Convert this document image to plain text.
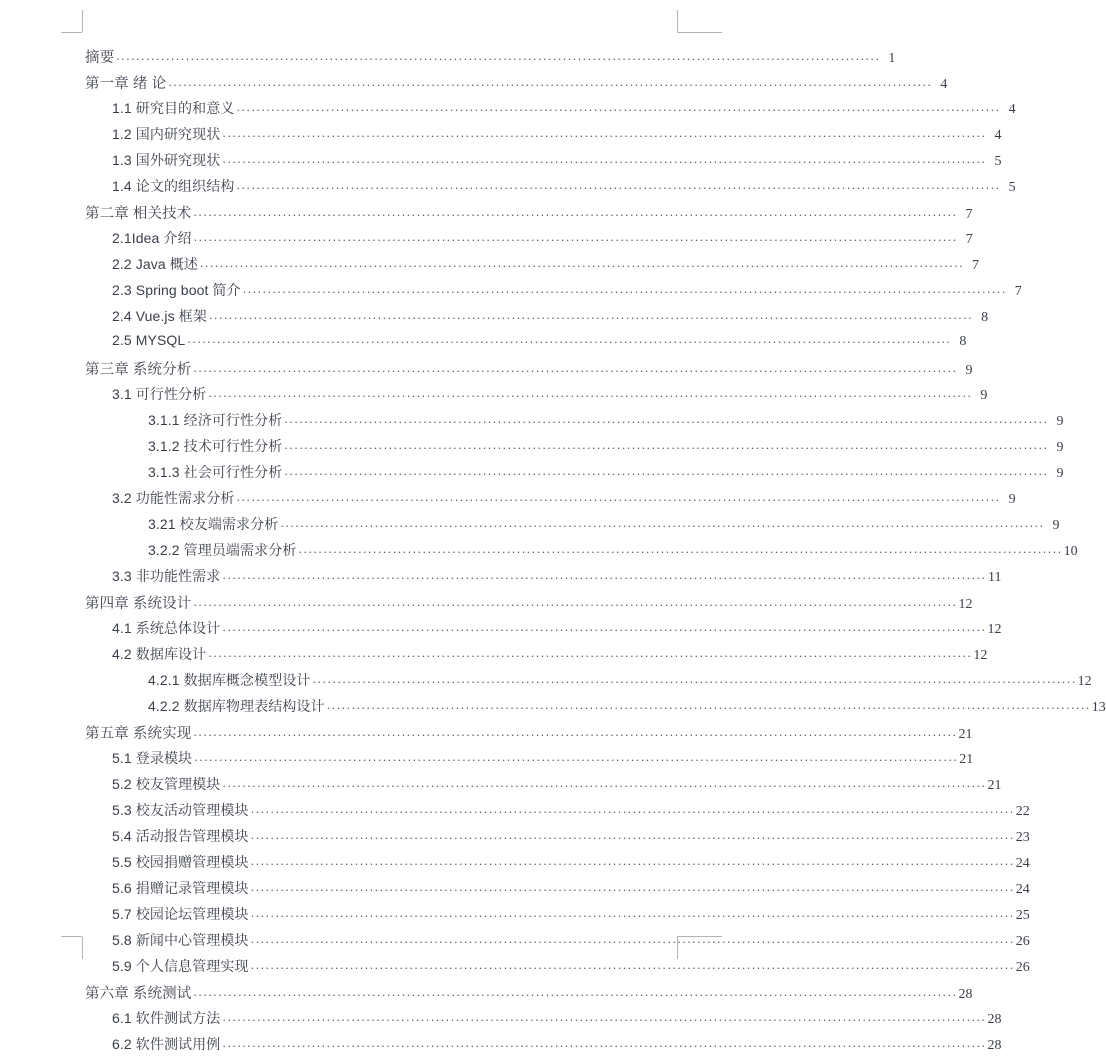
摘要 .....	1
第一章 绪 论 .....	4
1.1 研究目的和意义 .....	4
1.2 国内研究现状 .....	4
1.3 国外研究现状 .....	5
1.4 论文的组织结构 .....	5
第二章 相关技术 .....	7
2.1Idea 介绍 .....	7
2.2 Java 概述 .....	7
2.3 Spring boot 简介 .....	7
2.4 Vue.js 框架 .....	8
2.5 MYSQL .....	8
第三章 系统分析 .....	9
3.1 可行性分析 .....	9
3.1.1 经济可行性分析 .....	9
3.1.2 技术可行性分析 .....	9
3.1.3 社会可行性分析 .....	9
3.2 功能性需求分析 .....	9
3.21 校友端需求分析 .....	9
3.2.2 管理员端需求分析 .....	10
3.3 非功能性需求 .....	11
第四章 系统设计 .....	12
4.1 系统总体设计 .....	12
4.2 数据库设计 .....	12
4.2.1 数据库概念模型设计 .....	12
4.2.2 数据库物理表结构设计 .....	13
第五章 系统实现 .....	21
5.1 登录模块 .....	21
5.2 校友管理模块 .....	21
5.3 校友活动管理模块 .....	22
5.4 活动报告管理模块 .....	23
5.5 校园捐赠管理模块 .....	24
5.6 捐赠记录管理模块 .....	24
5.7 校园论坛管理模块 .....	25
5.8 新闻中心管理模块 .....	26
5.9 个人信息管理实现 .....	26
第六章 系统测试 .....	28
6.1 软件测试方法 .....	28
6.2 软件测试用例 .....	28
